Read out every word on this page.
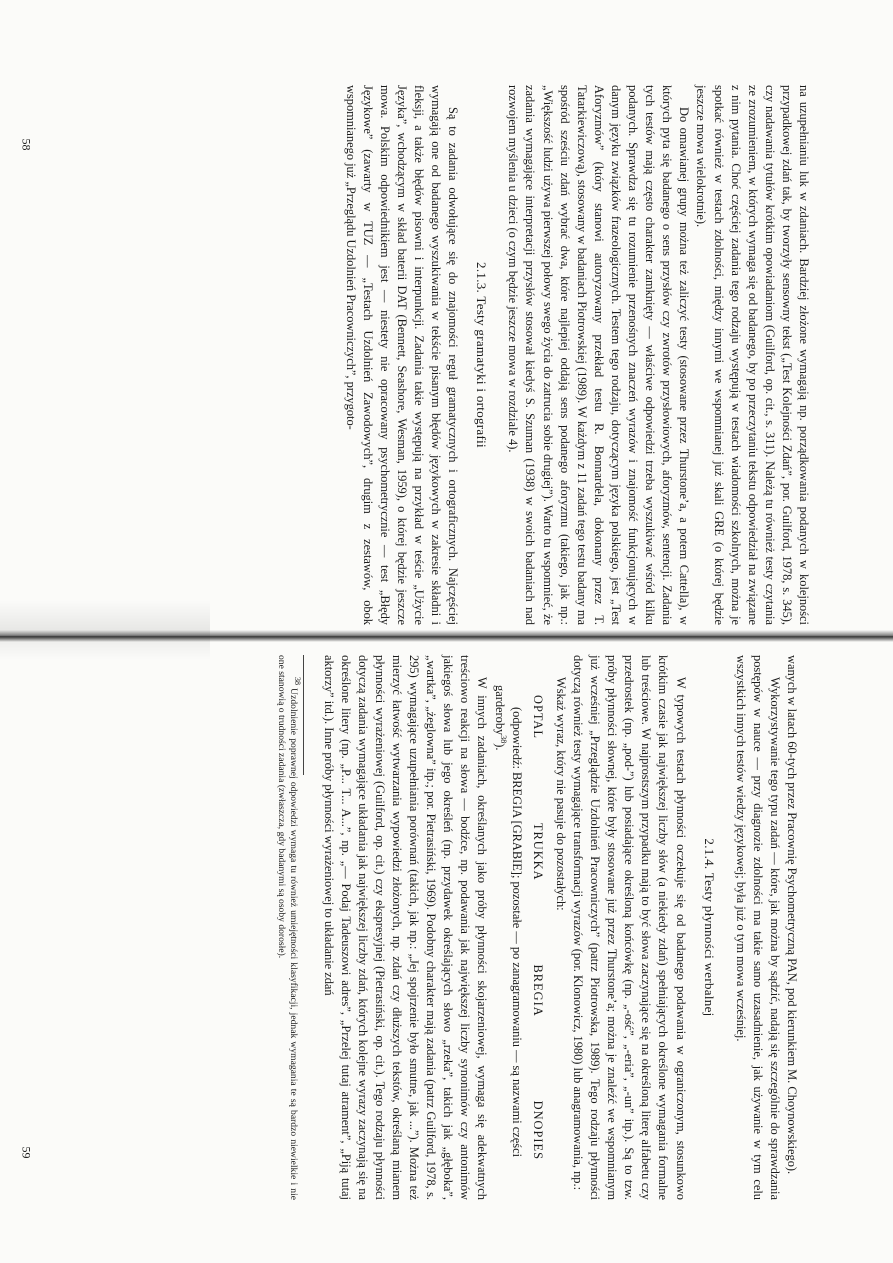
58
59

na uzupełnianiu luk w zdaniach. Bardziej złożone wymagają np. porządkowania podanych w kolejności przypadkowej zdań tak, by tworzyły sensowny tekst („Test Kolejności Zdań”, por. Guilford, 1978, s. 345), czy nadawania tytułów krótkim opowiadaniom (Guilford, op. cit., s. 311). Należą tu również testy czytania ze zrozumieniem, w których wymaga się od badanego, by po przeczytaniu tekstu odpowiedział na związane z nim pytania. Choć częściej zadania tego rodzaju występują w testach wiadomości szkolnych, można je spotkać również w testach zdolności, między innymi we wspomnianej już skali GRE (o której będzie jeszcze mowa wielokrotnie).

Do omawianej grupy można też zaliczyć testy (stosowane przez Thurstone’a, a potem Cattella), w których pyta się badanego o sens przysłów czy zwrotów przysłowiowych, aforyzmów, sentencji. Zadania tych testów mają często charakter zamknięty — właściwe odpowiedzi trzeba wyszukiwać wśród kilku podanych. Sprawdza się tu rozumienie przenośnych znaczeń wyrazów i znajomość funkcjonujących w danym języku związków frazeologicznych. Testem tego rodzaju, dotyczącym języka polskiego, jest „Test Aforyzmów” (który stanowi autoryzowany przekład testu R. Bonnardela, dokonany przez T. Tatarkiewiczową), stosowany w badaniach Piotrowskiej (1989). W każdym z 11 zadań tego testu badany ma spośród sześciu zdań wybrać dwa, które najlepiej oddają sens podanego aforyzmu (takiego, jak np.: „Większość ludzi używa pierwszej połowy swego życia do zatrucia sobie drugiej”). Warto tu wspomnieć, że zadania wymagające interpretacji przysłów stosował kiedyś S. Szuman (1938) w swoich badaniach nad rozwojem myślenia u dzieci (o czym będzie jeszcze mowa w rozdziale 4).

2.1.3. Testy gramatyki i ortografii

Są to zadania odwołujące się do znajomości reguł gramatycznych i ortograficznych. Najczęściej wymagają one od badanego wyszukiwania w tekście pisanym błędów językowych w zakresie składni i fleksji, a także błędów pisowni i interpunkcji. Zadania takie występują na przykład w teście „Użycie Języka”, wchodzącym w skład baterii DAT (Bennett, Seashore, Wesman, 1959), o której będzie jeszcze mowa. Polskim odpowiednikiem jest — niestety nie opracowany psychometrycznie — test „Błędy Językowe” (zawarty w TUZ — „Testach Uzdolnień Zawodowych”, drugim z zestawów, obok wspomnianego już „Przeglądu Uzdolnień Pracowniczych”, przygoto-

wanych w latach 60-tych przez Pracownię Psychometryczną PAN, pod kierunkiem M. Choynowskiego).

Wykorzystywanie tego typu zadań — które, jak można by sądzić, nadają się szczególnie do sprawdzania postępów w nauce — przy diagnozie zdolności ma takie samo uzasadnienie, jak używanie w tym celu wszystkich innych testów wiedzy językowej; była już o tym mowa wcześniej.

2.1.4. Testy płynności werbalnej

W typowych testach płynności oczekuje się od badanego podawania w ograniczonym, stosunkowo krótkim czasie jak największej liczby słów (a niekiedy zdań) spełniających określone wymagania formalne lub treściowe. W najprostszym przypadku mają to być słowa zaczynające się na określoną literę alfabetu czy przedrostek (np. „pod-”) lub posiadające określoną końcówkę (np. „-ość”, „-eria”, „-un” itp.). Są to tzw. próby płynności słownej, które były stosowane już przez Thurstone’a; można je znaleźć we wspomnianym już wcześniej „Przeglądzie Uzdolnień Pracowniczych” (patrz Piotrowska, 1989). Tego rodzaju płynności dotyczą również testy wymagające transformacji wyrazów (por. Klonowicz, 1980) lub anagramowania, np.:

Wskaż wyraz, który nie pasuje do pozostałych:

OPTAL
TRUKKA
BREGIA
DNOPIES

(odpowiedź: BREGIA [GRABIE]; pozostałe — po zanagramowaniu — są nazwami części garderoby$^{38}$).

W innych zadaniach, określanych jako próby płynności skojarzeniowej, wymaga się adekwatnych treściowo reakcji na słowa — bodźce, np. podawania jak największej liczby synonimów czy antonimów jakiegoś słowa lub jego określeń (np. przydawek określających słowo „rzeka”, takich jak „głęboka”, „wartka”, „żeglowna” itp.; por. Pietrasiński, 1969). Podobny charakter mają zadania (patrz Guilford, 1978, s. 295) wymagające uzupełniania porównań (takich, jak np.: „Jej spojrzenie było smutne, jak ...”). Można też mierzyć łatwość wytwarzania wypowiedzi złożonych, np. zdań czy dłuższych tekstów, określaną mianem płynności wyrażeniowej (Guilford, op. cit.) czy ekspresyjnej (Pietrasiński, op. cit.). Tego rodzaju płynności dotyczą zadania wymagające układania jak największej liczby zdań, których kolejne wyrazy zaczynają się na określone litery (np. „P... T... A...”, np. „— Podaj Tadeuszowi adres”, „Przelej tutaj atrament”, „Piją tutaj aktorzy” itd.). Inne próby płynności wyrażeniowej to układanie zdań

$^{38}$ Uzdolnienie poprawnej odpowiedzi wymaga tu również umiejętności klasyfikacji, jednak wymagania te są bardzo niewielkie i nie one stanowią o trudności zadania (zwłaszcza, gdy badanymi są osoby dorosłe).
